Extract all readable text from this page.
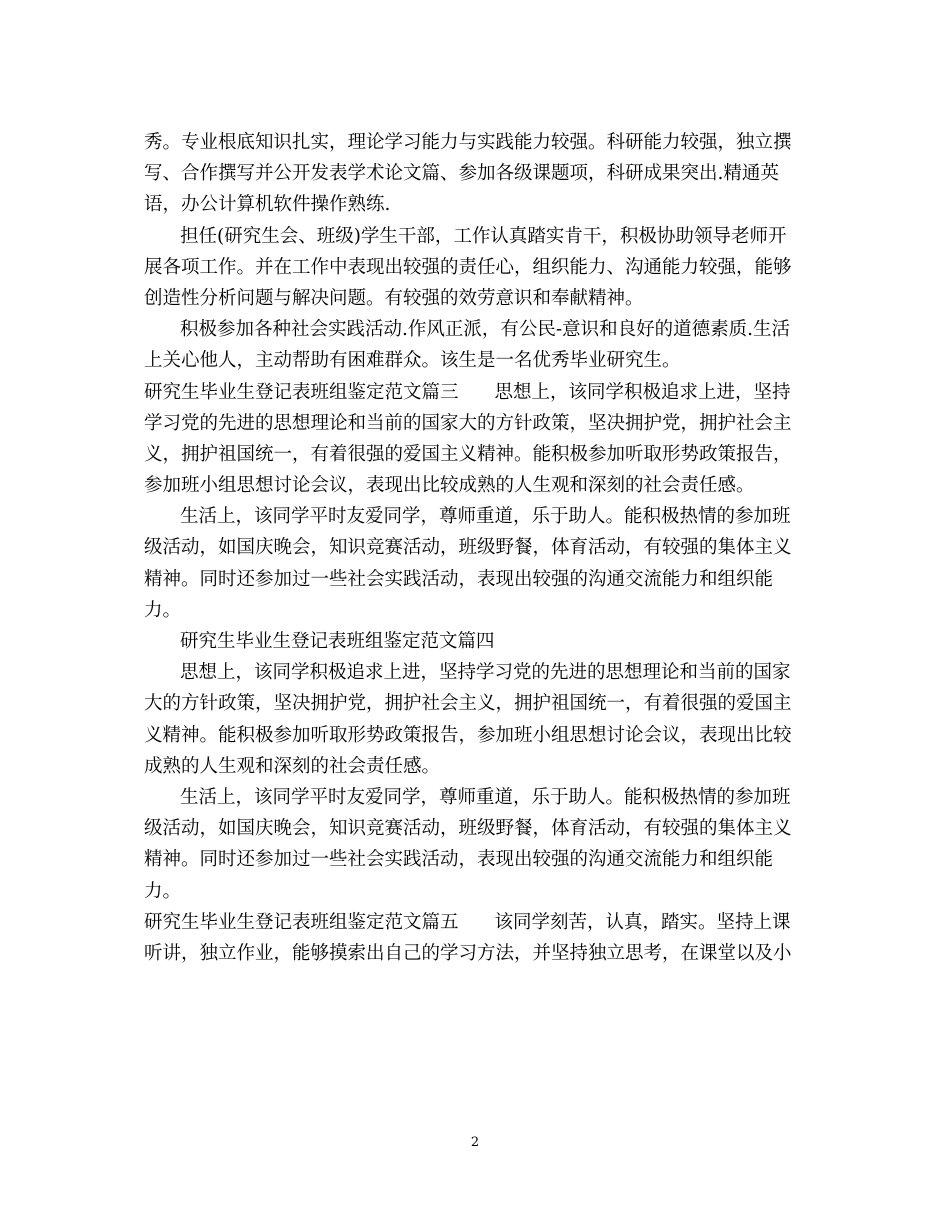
秀。专业根底知识扎实，理论学习能力与实践能力较强。科研能力较强，独立撰
写、合作撰写并公开发表学术论文篇、参加各级课题项，科研成果突出.精通英
语，办公计算机软件操作熟练.
担任(研究生会、班级)学生干部，工作认真踏实肯干，积极协助领导老师开
展各项工作。并在工作中表现出较强的责任心，组织能力、沟通能力较强，能够
创造性分析问题与解决问题。有较强的效劳意识和奉献精神。
积极参加各种社会实践活动.作风正派，有公民-意识和良好的道德素质.生活
上关心他人，主动帮助有困难群众。该生是一名优秀毕业研究生。
研究生毕业生登记表班组鉴定范文篇三 思想上，该同学积极追求上进，坚持
学习党的先进的思想理论和当前的国家大的方针政策，坚决拥护党，拥护社会主
义，拥护祖国统一，有着很强的爱国主义精神。能积极参加听取形势政策报告，
参加班小组思想讨论会议，表现出比较成熟的人生观和深刻的社会责任感。
生活上，该同学平时友爱同学，尊师重道，乐于助人。能积极热情的参加班
级活动，如国庆晚会，知识竞赛活动，班级野餐，体育活动，有较强的集体主义
精神。同时还参加过一些社会实践活动，表现出较强的沟通交流能力和组织能
力。
研究生毕业生登记表班组鉴定范文篇四
思想上，该同学积极追求上进，坚持学习党的先进的思想理论和当前的国家
大的方针政策，坚决拥护党，拥护社会主义，拥护祖国统一，有着很强的爱国主
义精神。能积极参加听取形势政策报告，参加班小组思想讨论会议，表现出比较
成熟的人生观和深刻的社会责任感。
生活上，该同学平时友爱同学，尊师重道，乐于助人。能积极热情的参加班
级活动，如国庆晚会，知识竞赛活动，班级野餐，体育活动，有较强的集体主义
精神。同时还参加过一些社会实践活动，表现出较强的沟通交流能力和组织能
力。
研究生毕业生登记表班组鉴定范文篇五 该同学刻苦，认真，踏实。坚持上课
听讲，独立作业，能够摸索出自己的学习方法，并坚持独立思考，在课堂以及小
2
